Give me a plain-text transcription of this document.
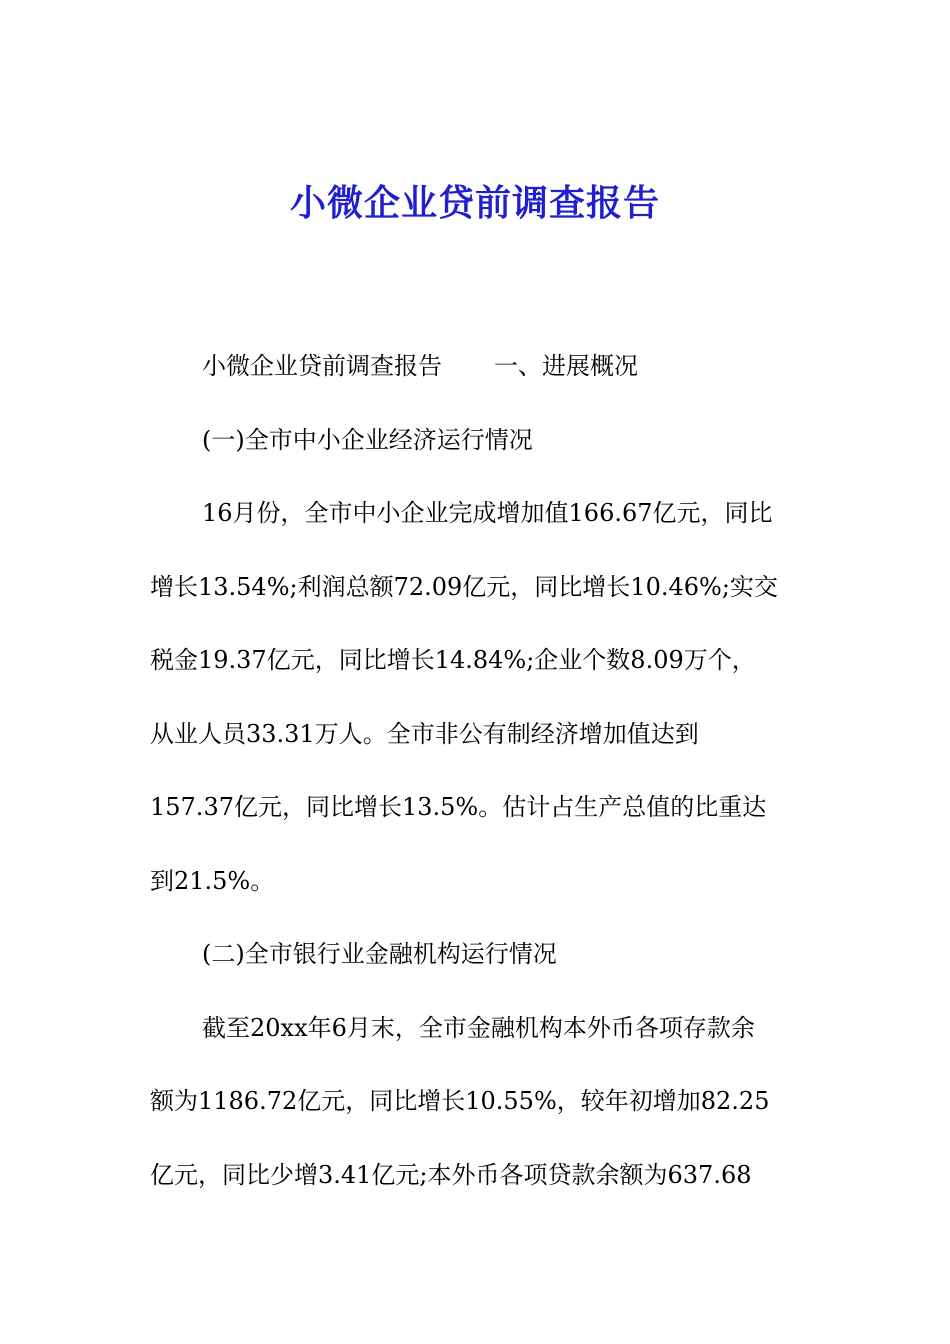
小微企业贷前调查报告
小微企业贷前调查报告 一、进展概况
(一)全市中小企业经济运行情况
16月份，全市中小企业完成增加值166.67亿元，同比
增长13.54%;利润总额72.09亿元，同比增长10.46%;实交
税金19.37亿元，同比增长14.84%;企业个数8.09万个，
从业人员33.31万人。全市非公有制经济增加值达到
157.37亿元，同比增长13.5%。估计占生产总值的比重达
到21.5%。
(二)全市银行业金融机构运行情况
截至20xx年6月末，全市金融机构本外币各项存款余
额为1186.72亿元，同比增长10.55%，较年初增加82.25
亿元，同比少增3.41亿元;本外币各项贷款余额为637.68
